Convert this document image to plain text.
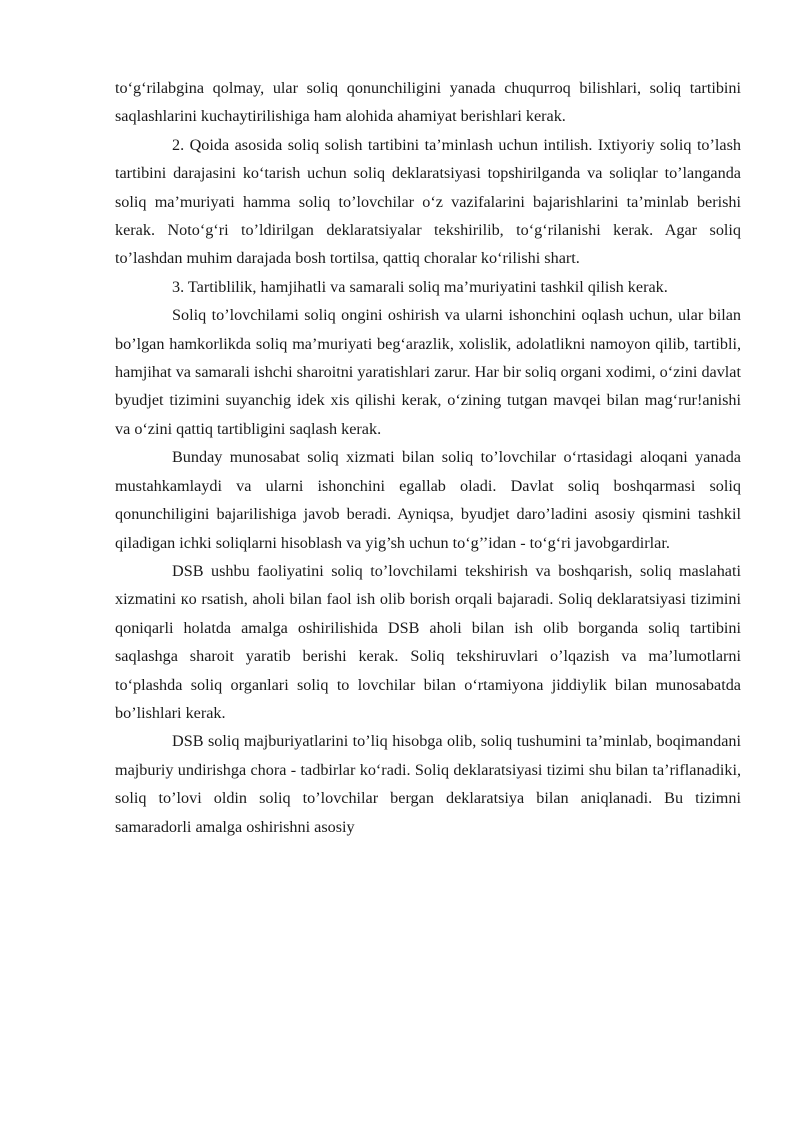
to‘g‘rilabgina qolmay, ular soliq qonunchiligini yanada chuqurroq bilishlari, soliq tartibini saqlashlarini kuchaytirilishiga ham alohida ahamiyat berishlari kerak.

2. Qoida asosida soliq solish tartibini ta’minlash uchun intilish. Ixtiyoriy soliq to’lash tartibini darajasini ko‘tarish uchun soliq deklaratsiyasi topshirilganda va soliqlar to’langanda soliq ma’muriyati hamma soliq to’lovchilar o‘z vazifalarini bajarishlarini ta’minlab berishi kerak. Noto‘g‘ri to’ldirilgan deklaratsiyalar tekshirilib, to‘g‘rilanishi kerak. Agar soliq to’lashdan muhim darajada bosh tortilsa, qattiq choralar ko‘rilishi shart.

3. Tartiblilik, hamjihatli va samarali soliq ma’muriyatini tashkil qilish kerak.

Soliq to’lovchilami soliq ongini oshirish va ularni ishonchini oqlash uchun, ular bilan bo’lgan hamkorlikda soliq ma’muriyati beg‘arazlik, xolislik, adolatlikni namoyon qilib, tartibli, hamjihat va samarali ishchi sharoitni yaratishlari zarur. Har bir soliq organi xodimi, o‘zini davlat byudjet tizimini suyanchig idek xis qilishi kerak, o‘zining tutgan mavqei bilan mag‘rur!anishi va o‘zini qattiq tartibligini saqlash kerak.

Bunday munosabat soliq xizmati bilan soliq to’lovchilar o‘rtasidagi aloqani yanada mustahkamlaydi va ularni ishonchini egallab oladi. Davlat soliq boshqarmasi soliq qonunchiligini bajarilishiga javob beradi. Ayniqsa, byudjet daro’ladini asosiy qismini tashkil qiladigan ichki soliqlarni hisoblash va yig’sh uchun to‘g’’idan - to‘g‘ri javobgardirlar.

DSB ushbu faoliyatini soliq to’lovchilami tekshirish va boshqarish, soliq maslahati xizmatini кo rsatish, aholi bilan faol ish olib borish orqali bajaradi. Soliq deklaratsiyasi tizimini qoniqarli holatda amalga oshirilishida DSB aholi bilan ish olib borganda soliq tartibini saqlashga sharoit yaratib berishi kerak. Soliq tekshiruvlari o’lqazish va ma’lumotlarni to‘plashda soliq organlari soliq to lovchilar bilan o‘rtamiyona jiddiylik bilan munosabatda bo’lishlari kerak.

DSB soliq majburiyatlarini to’liq hisobga olib, soliq tushumini ta’minlab, boqimandani majburiy undirishga chora - tadbirlar ko‘radi. Soliq deklaratsiyasi tizimi shu bilan ta’riflanadiki, soliq to’lovi oldin soliq to’lovchilar bergan deklaratsiya bilan aniqlanadi. Bu tizimni samaradorli amalga oshirishni asosiy
